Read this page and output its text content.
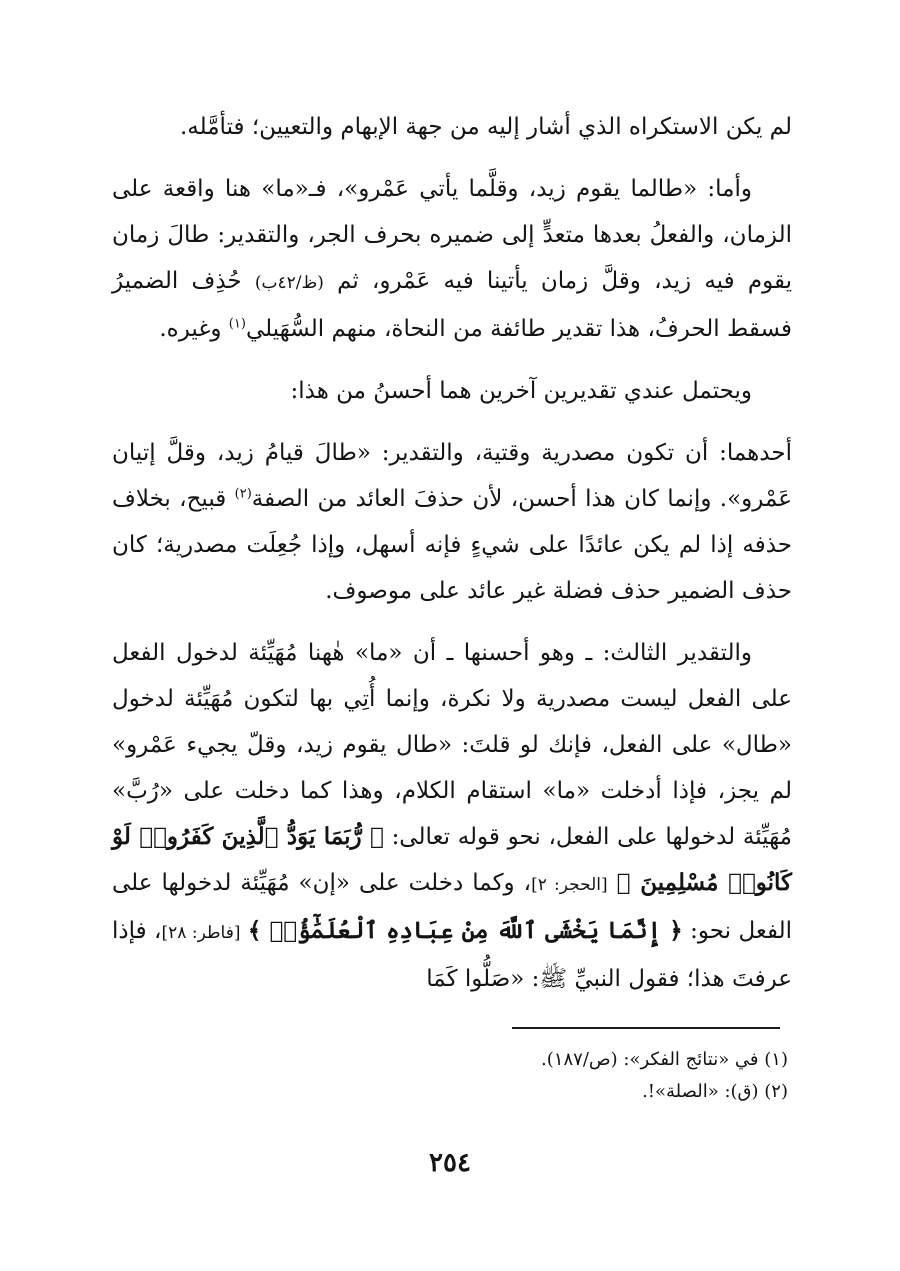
لم يكن الاستكراه الذي أشار إليه من جهة الإبهام والتعيين؛ فتأمَّله.

وأما: «طالما يقوم زيد، وقلَّما يأتي عَمْرو»، فـ«ما» هنا واقعة على الزمان، والفعلُ بعدها متعدٍّ إلى ضميره بحرف الجر، والتقدير: طالَ زمان يقوم فيه زيد، وقلَّ زمان يأتينا فيه عَمْرو، ثم (ظ/٤٢ب) حُذِف الضميرُ فسقط الحرفُ، هذا تقدير طائفة من النحاة، منهم السُّهَيلي$^{(١)}$ وغيره.

ويحتمل عندي تقديرين آخرين هما أحسنُ من هذا:

أحدهما: أن تكون مصدرية وقتية، والتقدير: «طالَ قيامُ زيد، وقلَّ إتيان عَمْرو». وإنما كان هذا أحسن، لأن حذفَ العائد من الصفة$^{(٢)}$ قبيح، بخلاف حذفه إذا لم يكن عائدًا على شيءٍ فإنه أسهل، وإذا جُعِلَت مصدرية؛ كان حذف الضمير حذف فضلة غير عائد على موصوف.

والتقدير الثالث: ـ وهو أحسنها ـ أن «ما» هٰهنا مُهَيِّئة لدخول الفعل على الفعل ليست مصدرية ولا نكرة، وإنما أُتِي بها لتكون مُهَيِّئة لدخول «طال» على الفعل، فإنك لو قلتَ: «طال يقوم زيد، وقلّ يجيء عَمْرو» لم يجز، فإذا أدخلت «ما» استقام الكلام، وهذا كما دخلت على «رُبَّ» مُهَيِّئة لدخولها على الفعل، نحو قوله تعالى: ﴿ رُّبَمَا يَوَدُّ ٱلَّذِينَ كَفَرُوا۟ لَوْ كَانُوا۟ مُسْلِمِينَ ﴾ [الحجر: ٢]، وكما دخلت على «إن» مُهَيِّئة لدخولها على الفعل نحو: ﴿ إِنَّمَا يَخْشَى ٱللَّهَ مِنْ عِبَادِهِ ٱلْعُلَمَٰٓؤُا۟ ﴾ [فاطر: ٢٨]، فإذا عرفتَ هذا؛ فقول النبيِّ ﷺ: «صَلُّوا كَمَا

(١) في «نتائج الفكر»: (ص/١٨٧).
(٢) (ق): «الصلة»!.
٢٥٤
